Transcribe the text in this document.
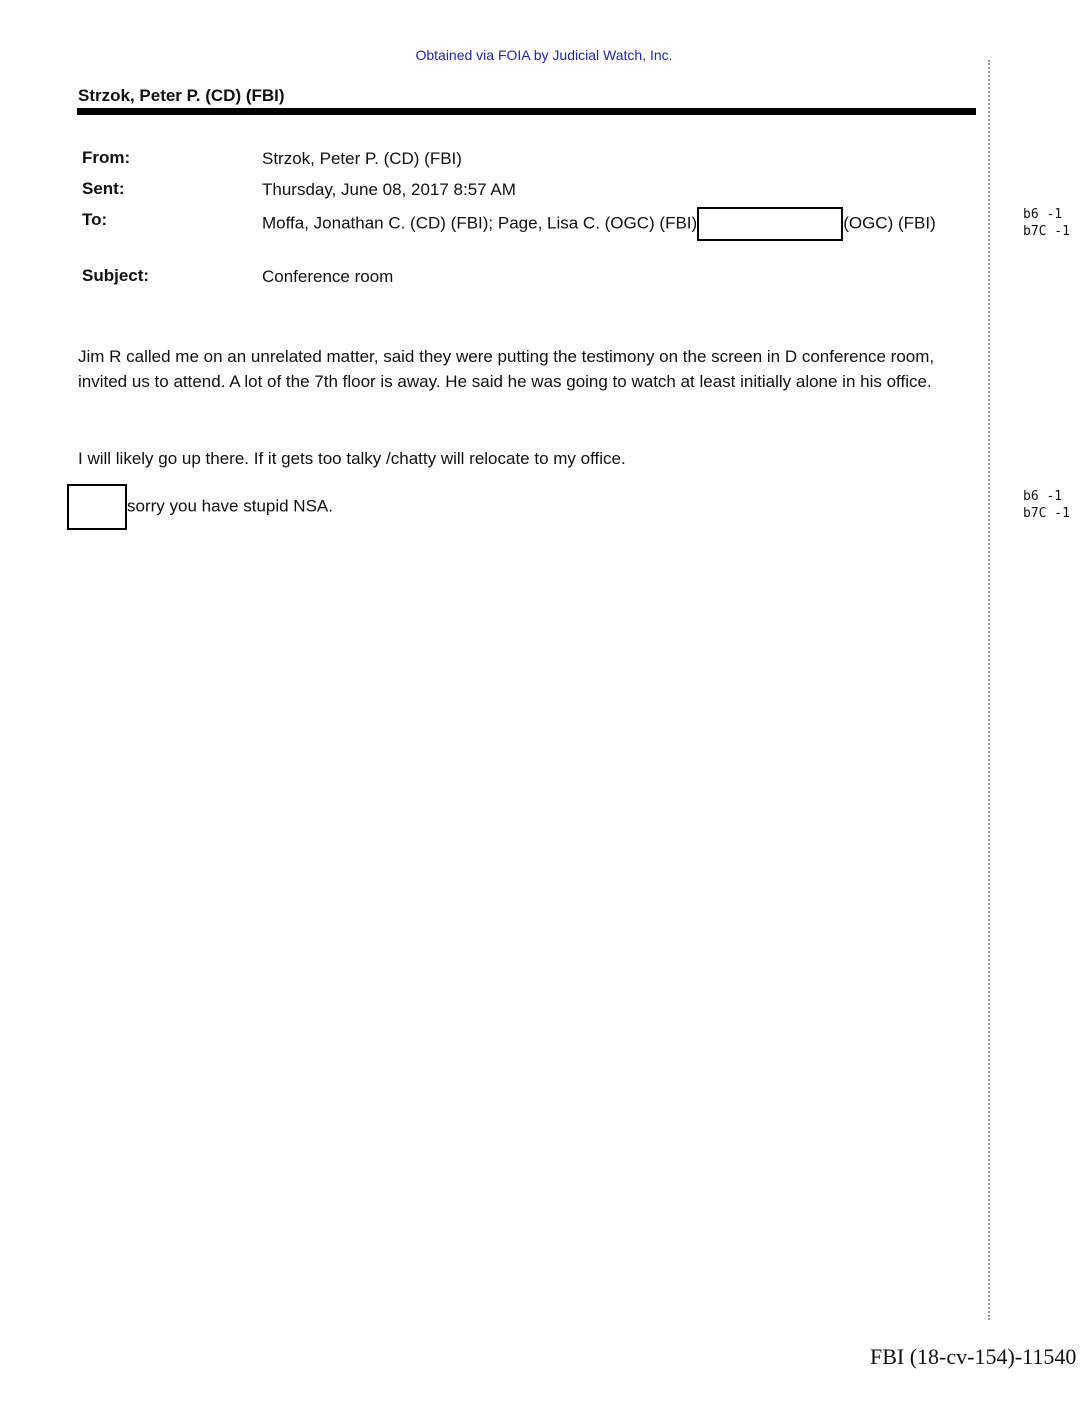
Obtained via FOIA by Judicial Watch, Inc.
Strzok, Peter P. (CD) (FBI)
From:	Strzok, Peter P. (CD) (FBI)
Sent:	Thursday, June 08, 2017 8:57 AM
To:	Moffa, Jonathan C. (CD) (FBI); Page, Lisa C. (OGC) (FBI)	(OGC) (FBI)
Subject:	Conference room
Jim R called me on an unrelated matter, said they were putting the testimony on the screen in D conference room, invited us to attend. A lot of the 7th floor is away. He said he was going to watch at least initially alone in his office.
I will likely go up there. If it gets too talky /chatty will relocate to my office.
sorry you have stupid NSA.
b6 -1
b7C -1
b6 -1
b7C -1
FBI (18-cv-154)-11540
